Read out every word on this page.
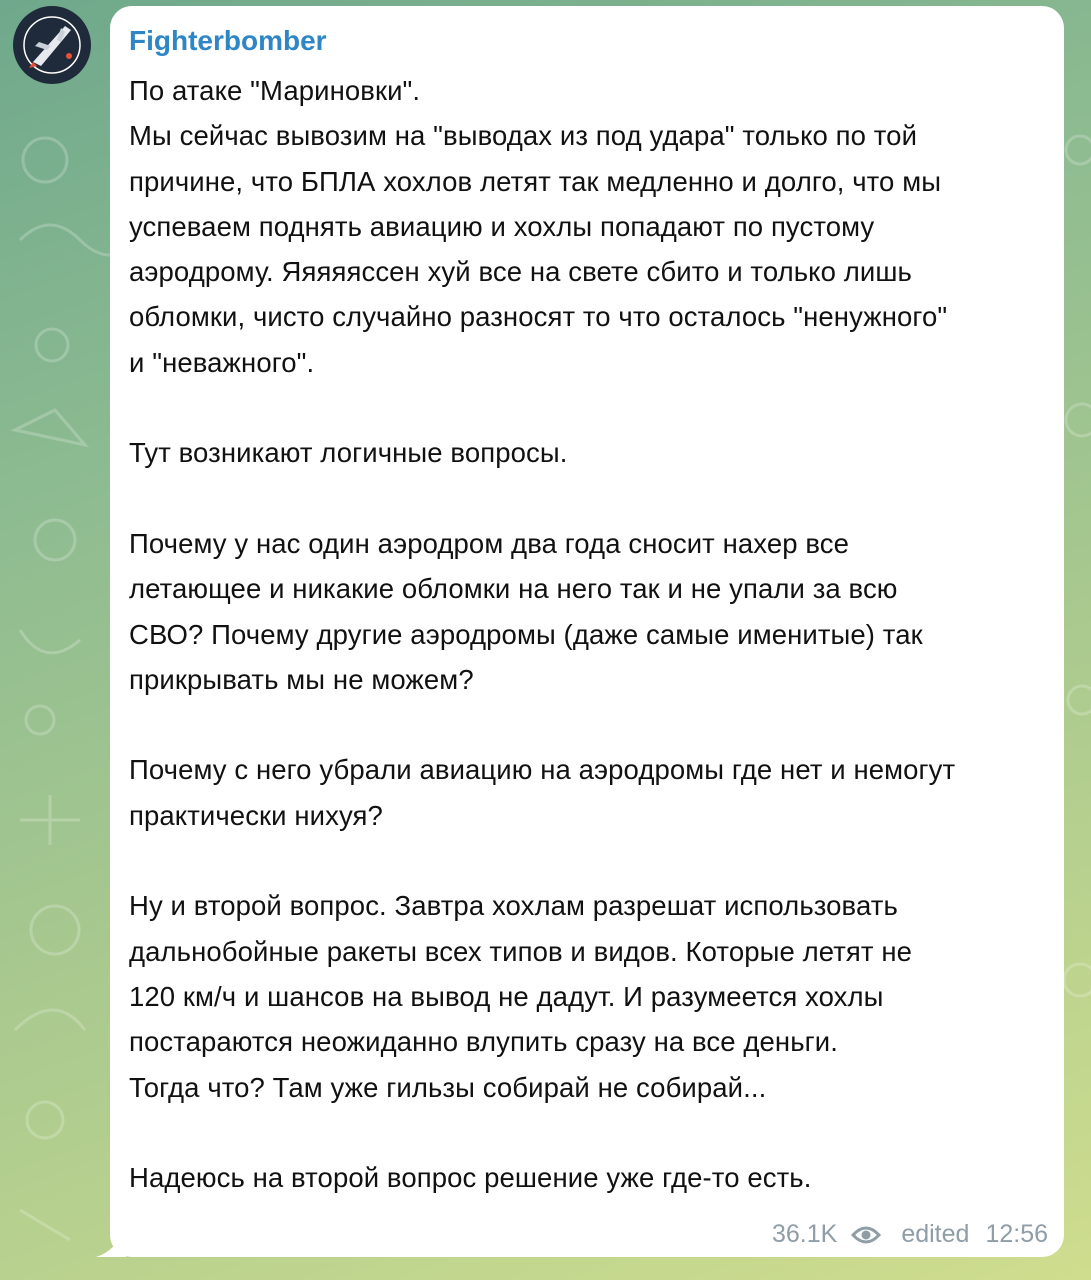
Fighterbomber

По атаке "Мариновки".
Мы сейчас вывозим на "выводах из под удара" только по той
причине, что БПЛА хохлов летят так медленно и долго, что мы
успеваем поднять авиацию и хохлы попадают по пустому
аэродрому. Яяяяяссен хуй все на свете сбито и только лишь
обломки, чисто случайно разносят то что осталось "ненужного"
и "неважного".

Тут возникают логичные вопросы.

Почему у нас один аэродром два года сносит нахер все
летающее и никакие обломки на него так и не упали за всю
СВО? Почему другие аэродромы (даже самые именитые) так
прикрывать мы не можем?

Почему с него убрали авиацию на аэродромы где нет и немогут
практически нихуя?

Ну и второй вопрос. Завтра хохлам разрешат использовать
дальнобойные ракеты всех типов и видов. Которые летят не
120 км/ч и шансов на вывод не дадут. И разумеется хохлы
постараются неожиданно влупить сразу на все деньги.
Тогда что? Там уже гильзы собирай не собирай...

Надеюсь на второй вопрос решение уже где-то есть.

36.1K	edited 12:56
